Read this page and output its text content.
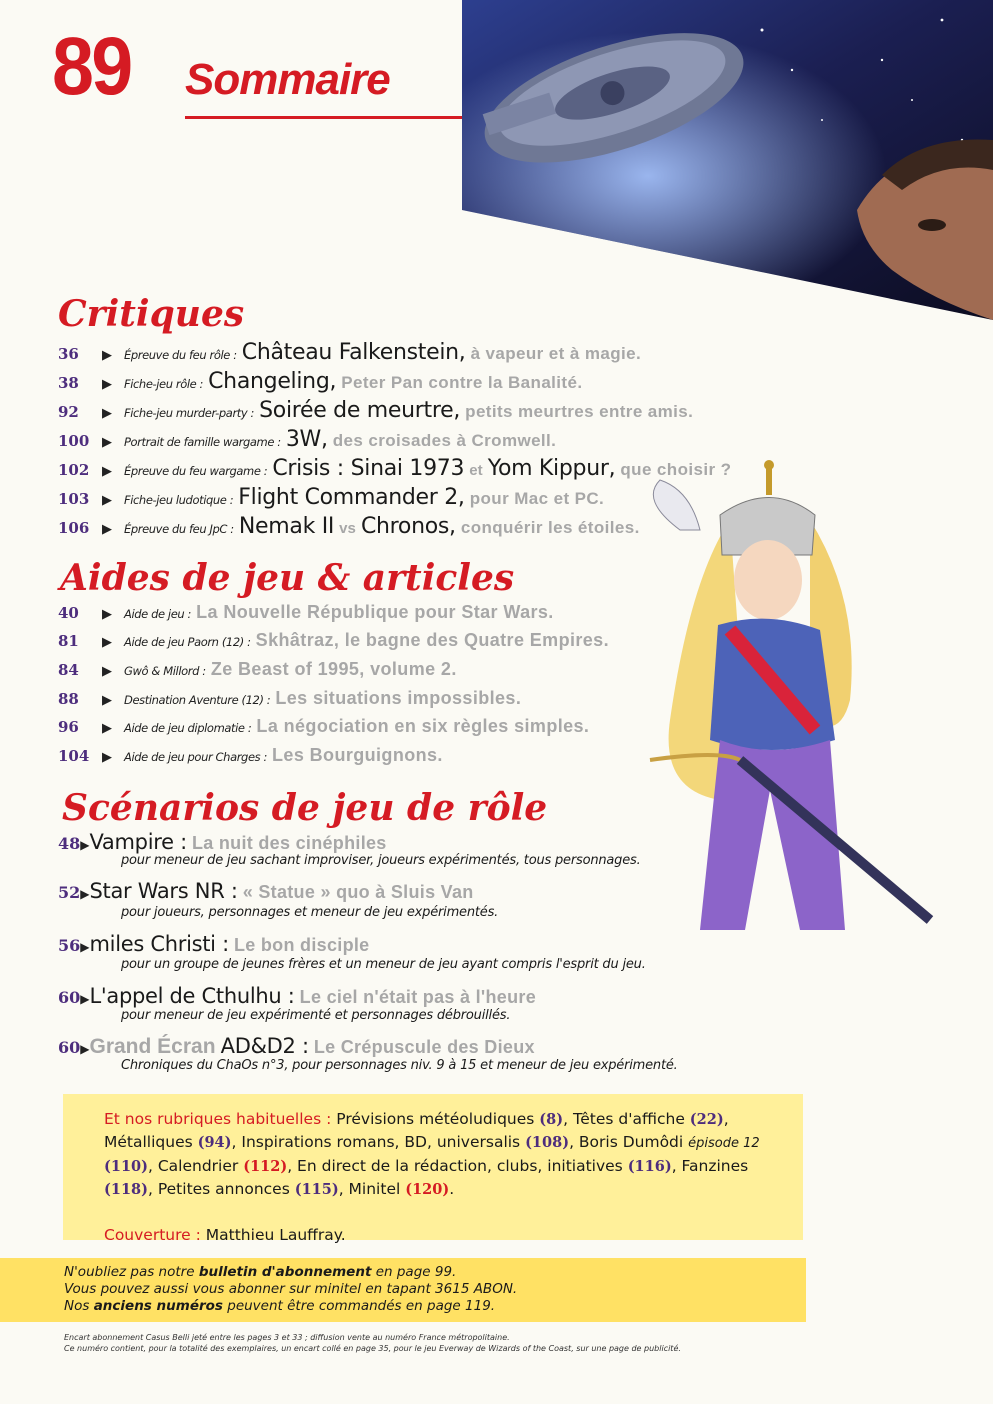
89 Sommaire
Critiques
36 ▶ Épreuve du feu rôle : Château Falkenstein, à vapeur et à magie.
38 ▶ Fiche-jeu rôle : Changeling, Peter Pan contre la Banalité.
92 ▶ Fiche-jeu murder-party : Soirée de meurtre, petits meurtres entre amis.
100 ▶ Portrait de famille wargame : 3W, des croisades à Cromwell.
102 ▶ Épreuve du feu wargame : Crisis : Sinai 1973 et Yom Kippur, que choisir ?
103 ▶ Fiche-jeu ludotique : Flight Commander 2, pour Mac et PC.
106 ▶ Épreuve du feu JpC : Nemak II vs Chronos, conquérir les étoiles.
Aides de jeu & articles
40 ▶ Aide de jeu : La Nouvelle République pour Star Wars.
81 ▶ Aide de jeu Paorn (12) : Skhâtraz, le bagne des Quatre Empires.
84 ▶ Gwô & Millord : Ze Beast of 1995, volume 2.
88 ▶ Destination Aventure (12) : Les situations impossibles.
96 ▶ Aide de jeu diplomatie : La négociation en six règles simples.
104 ▶ Aide de jeu pour Charges : Les Bourguignons.
Scénarios de jeu de rôle
48▶Vampire : La nuit des cinéphiles
pour meneur de jeu sachant improviser, joueurs expérimentés, tous personnages.
52▶Star Wars NR : « Statue » quo à Sluis Van
pour joueurs, personnages et meneur de jeu expérimentés.
56▶miles Christi : Le bon disciple
pour un groupe de jeunes frères et un meneur de jeu ayant compris l'esprit du jeu.
60▶L'appel de Cthulhu : Le ciel n'était pas à l'heure
pour meneur de jeu expérimenté et personnages débrouillés.
60▶Grand Écran AD&D2 : Le Crépuscule des Dieux
Chroniques du ChaOs n°3, pour personnages niv. 9 à 15 et meneur de jeu expérimenté.
Et nos rubriques habituelles : Prévisions météoludiques (8), Têtes d'affiche (22), Métalliques (94), Inspirations romans, BD, universalis (108), Boris Dumôdi épisode 12 (110), Calendrier (112), En direct de la rédaction, clubs, initiatives (116), Fanzines (118), Petites annonces (115), Minitel (120).

Couverture : Matthieu Lauffray.
N'oubliez pas notre bulletin d'abonnement en page 99.
Vous pouvez aussi vous abonner sur minitel en tapant 3615 ABON.
Nos anciens numéros peuvent être commandés en page 119.
Encart abonnement Casus Belli jeté entre les pages 3 et 33 ; diffusion vente au numéro France métropolitaine.
Ce numéro contient, pour la totalité des exemplaires, un encart collé en page 35, pour le jeu Everway de Wizards of the Coast, sur une page de publicité.
